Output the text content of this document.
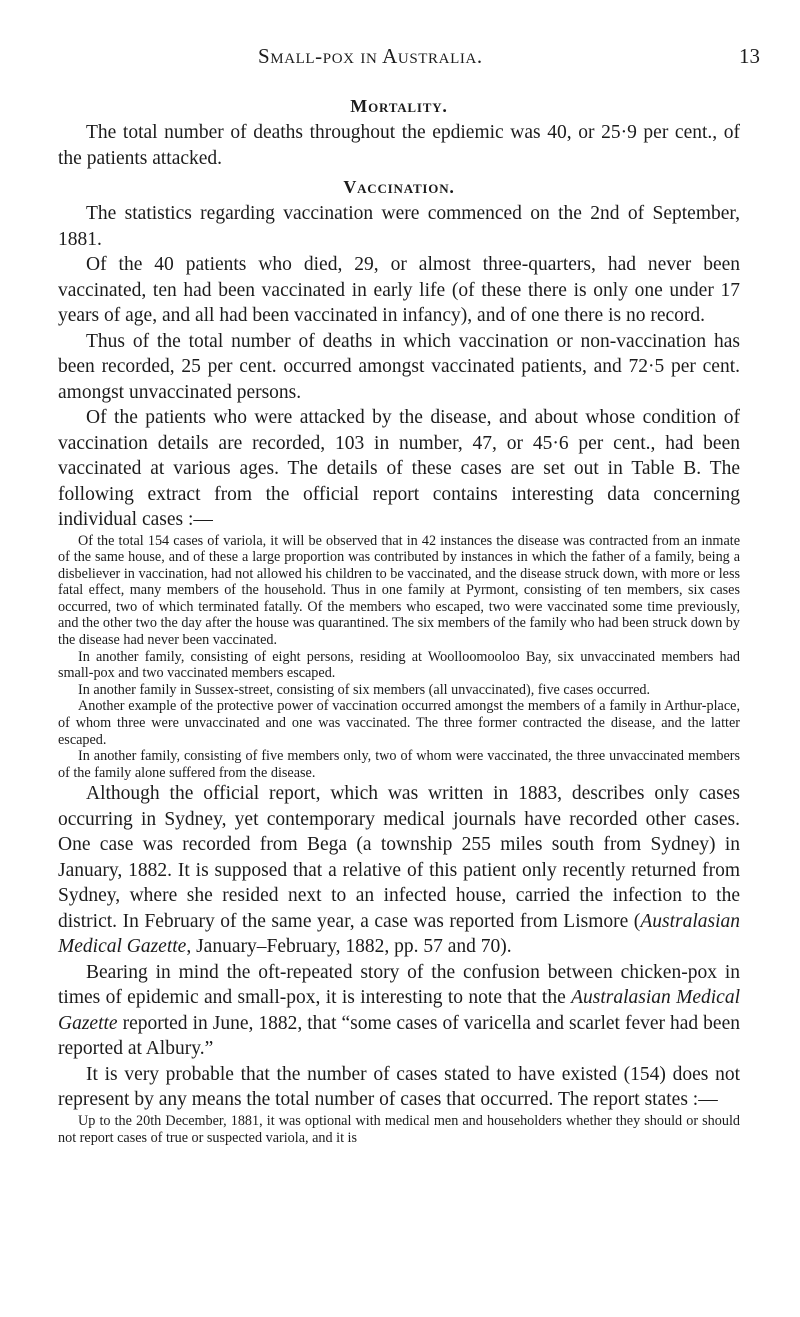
Small-pox in Australia.	13
Mortality.

The total number of deaths throughout the epdiemic was 40, or 25·9 per cent., of the patients attacked.

Vaccination.

The statistics regarding vaccination were commenced on the 2nd of September, 1881.

Of the 40 patients who died, 29, or almost three-quarters, had never been vaccinated, ten had been vaccinated in early life (of these there is only one under 17 years of age, and all had been vaccinated in infancy), and of one there is no record.

Thus of the total number of deaths in which vaccination or non-vaccination has been recorded, 25 per cent. occurred amongst vaccinated patients, and 72·5 per cent. amongst unvaccinated persons.

Of the patients who were attacked by the disease, and about whose condition of vaccination details are recorded, 103 in number, 47, or 45·6 per cent., had been vaccinated at various ages. The details of these cases are set out in Table B. The following extract from the official report contains interesting data concerning individual cases :—

Of the total 154 cases of variola, it will be observed that in 42 instances the disease was contracted from an inmate of the same house, and of these a large proportion was contributed by instances in which the father of a family, being a disbeliever in vaccination, had not allowed his children to be vaccinated, and the disease struck down, with more or less fatal effect, many members of the household. Thus in one family at Pyrmont, consisting of ten members, six cases occurred, two of which terminated fatally. Of the members who escaped, two were vaccinated some time previously, and the other two the day after the house was quarantined. The six members of the family who had been struck down by the disease had never been vaccinated.

In another family, consisting of eight persons, residing at Woolloomooloo Bay, six unvaccinated members had small-pox and two vaccinated members escaped.

In another family in Sussex-street, consisting of six members (all unvaccinated), five cases occurred.

Another example of the protective power of vaccination occurred amongst the members of a family in Arthur-place, of whom three were unvaccinated and one was vaccinated. The three former contracted the disease, and the latter escaped.

In another family, consisting of five members only, two of whom were vaccinated, the three unvaccinated members of the family alone suffered from the disease.

Although the official report, which was written in 1883, describes only cases occurring in Sydney, yet contemporary medical journals have recorded other cases. One case was recorded from Bega (a township 255 miles south from Sydney) in January, 1882. It is supposed that a relative of this patient only recently returned from Sydney, where she resided next to an infected house, carried the infection to the district. In February of the same year, a case was reported from Lismore (Australasian Medical Gazette, January–February, 1882, pp. 57 and 70).

Bearing in mind the oft-repeated story of the confusion between chicken-pox in times of epidemic and small-pox, it is interesting to note that the Australasian Medical Gazette reported in June, 1882, that “some cases of varicella and scarlet fever had been reported at Albury.”

It is very probable that the number of cases stated to have existed (154) does not represent by any means the total number of cases that occurred. The report states :—

Up to the 20th December, 1881, it was optional with medical men and householders whether they should or should not report cases of true or suspected variola, and it is
